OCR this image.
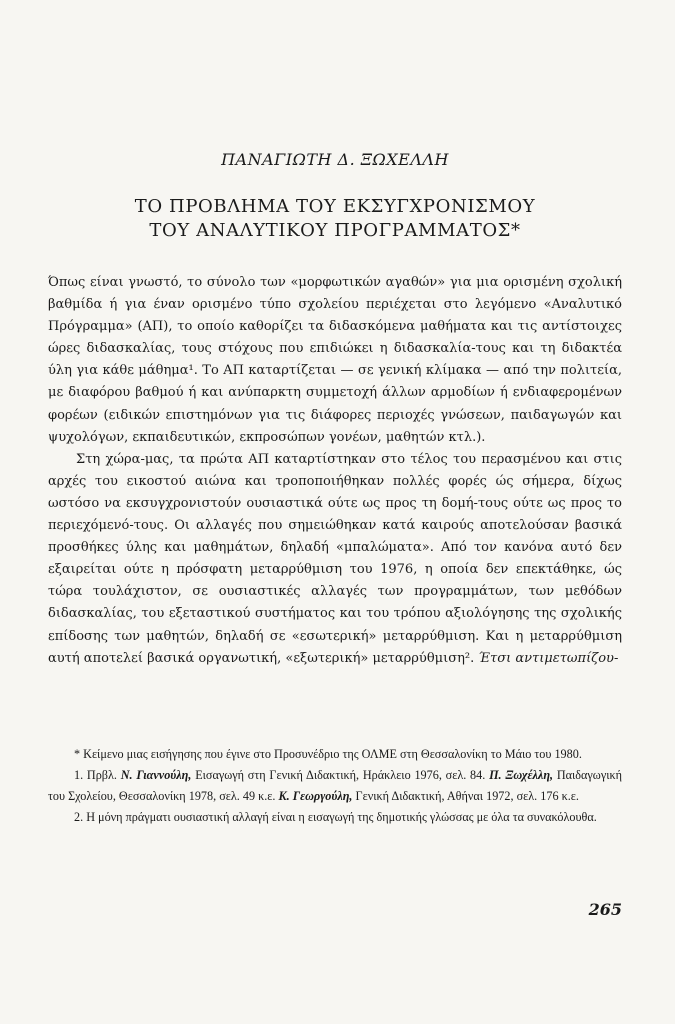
ΠΑΝΑΓΙΩΤΗ Δ. ΞΩΧΕΛΛΗ
ΤΟ ΠΡΟΒΛΗΜΑ ΤΟΥ ΕΚΣΥΓΧΡΟΝΙΣΜΟΥ
ΤΟΥ ΑΝΑΛΥΤΙΚΟΥ ΠΡΟΓΡΑΜΜΑΤΟΣ*

Όπως είναι γνωστό, το σύνολο των «μορφωτικών αγαθών» για μια ορισμένη σχολική βαθμίδα ή για έναν ορισμένο τύπο σχολείου περιέχεται στο λεγόμενο «Αναλυτικό Πρόγραμμα» (ΑΠ), το οποίο καθορίζει τα διδασκόμενα μαθήματα και τις αντίστοιχες ώρες διδασκαλίας, τους στόχους που επιδιώκει η διδασκαλία-τους και τη διδακτέα ύλη για κάθε μάθημα¹. Το ΑΠ καταρτίζεται — σε γενική κλίμακα — από την πολιτεία, με διαφόρου βαθμού ή και ανύπαρκτη συμμετοχή άλλων αρμοδίων ή ενδιαφερομένων φορέων (ειδικών επιστημόνων για τις διάφορες περιοχές γνώσεων, παιδαγωγών και ψυχολόγων, εκπαιδευτικών, εκπροσώπων γονέων, μαθητών κτλ.).

Στη χώρα-μας, τα πρώτα ΑΠ καταρτίστηκαν στο τέλος του περασμένου και στις αρχές του εικοστού αιώνα και τροποποιήθηκαν πολλές φορές ώς σήμερα, δίχως ωστόσο να εκσυγχρονιστούν ουσιαστικά ούτε ως προς τη δομή-τους ούτε ως προς το περιεχόμενό-τους. Οι αλλαγές που σημειώθηκαν κατά καιρούς αποτελούσαν βασικά προσθήκες ύλης και μαθημάτων, δηλαδή «μπαλώματα». Από τον κανόνα αυτό δεν εξαιρείται ούτε η πρόσφατη μεταρρύθμιση του 1976, η οποία δεν επεκτάθηκε, ώς τώρα τουλάχιστον, σε ουσιαστικές αλλαγές των προγραμμάτων, των μεθόδων διδασκαλίας, του εξεταστικού συστήματος και του τρόπου αξιολόγησης της σχολικής επίδοσης των μαθητών, δηλαδή σε «εσωτερική» μεταρρύθμιση. Και η μεταρρύθμιση αυτή αποτελεί βασικά οργανωτική, «εξωτερική» μεταρρύθμιση². Έτσι αντιμετωπίζου-

* Κείμενο μιας εισήγησης που έγινε στο Προσυνέδριο της ΟΛΜΕ στη Θεσσαλονίκη το Μάιο του 1980.

1. Πρβλ. Ν. Γιαννούλη, Εισαγωγή στη Γενική Διδακτική, Ηράκλειο 1976, σελ. 84. Π. Ξωχέλλη, Παιδαγωγική του Σχολείου, Θεσσαλονίκη 1978, σελ. 49 κ.ε. Κ. Γεωργούλη, Γενική Διδακτική, Αθήναι 1972, σελ. 176 κ.ε.

2. Η μόνη πράγματι ουσιαστική αλλαγή είναι η εισαγωγή της δημοτικής γλώσσας με όλα τα συνακόλουθα.

265
